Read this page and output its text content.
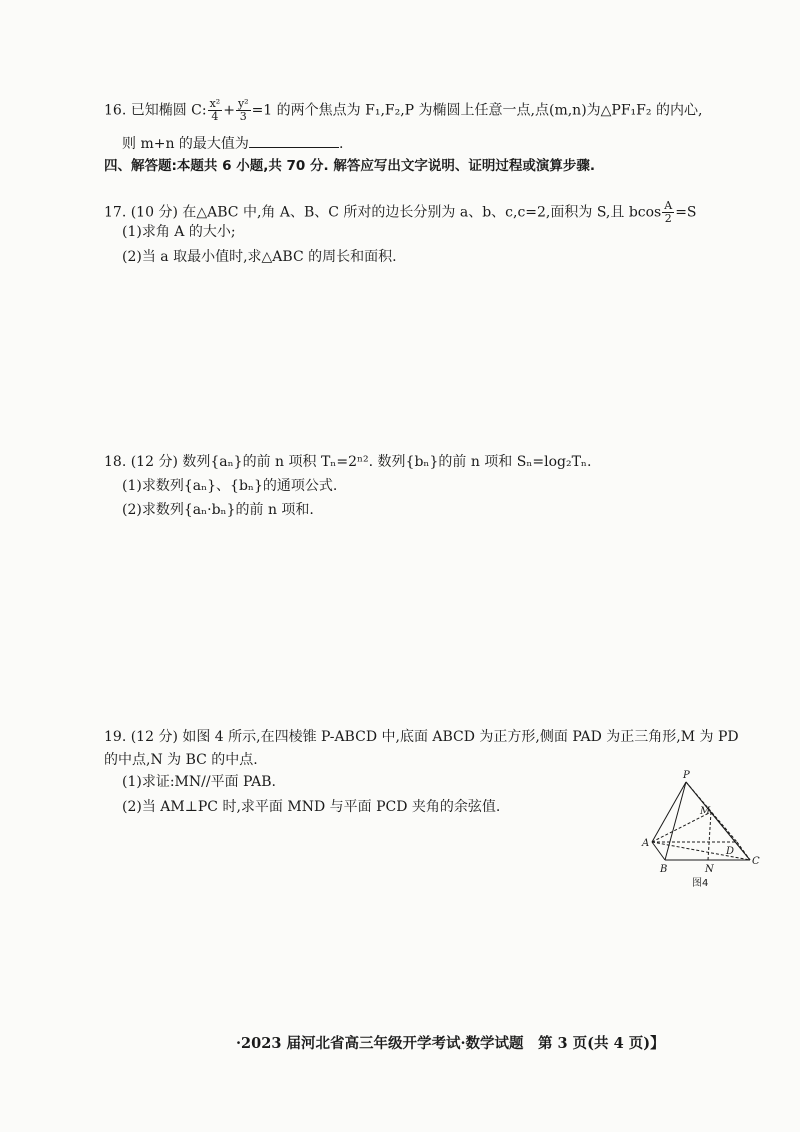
16. 已知椭圆 C: $\frac{\text{x²}}{4} + \frac{\text{y²}}{3} =1$ 的两个焦点为 F₁,F₂,P 为椭圆上任意一点,点(m,n)为△PF₁F₂ 的内心,
则 m+n 的最大值为	.
四、解答题:本题共 6 小题,共 70 分. 解答应写出文字说明、证明过程或演算步骤.
17. (10 分) 在△ABC 中,角 A、B、C 所对的边长分别为 a、b、c,c=2,面积为 S,且 bcos $\frac{A}{2} =S$
(1)求角 A 的大小;
(2)当 a 取最小值时,求△ABC 的周长和面积.
18. (12 分) 数列{aₙ}的前 n 项积 Tₙ=2ⁿ². 数列{bₙ}的前 n 项和 Sₙ=log₂Tₙ.
(1)求数列{aₙ}、{bₙ}的通项公式.
(2)求数列{aₙ·bₙ}的前 n 项和.
19. (12 分) 如图 4 所示,在四棱锥 P-ABCD 中,底面 ABCD 为正方形,侧面 PAD 为正三角形,M 为 PD
的中点,N 为 BC 的中点.
(1)求证:MN//平面 PAB.
(2)当 AM⊥PC 时,求平面 MND 与平面 PCD 夹角的余弦值.
P
M
A
D
C
B	N
图4
·2023 届河北省高三年级开学考试·数学试题　第 3 页(共 4 页)】
